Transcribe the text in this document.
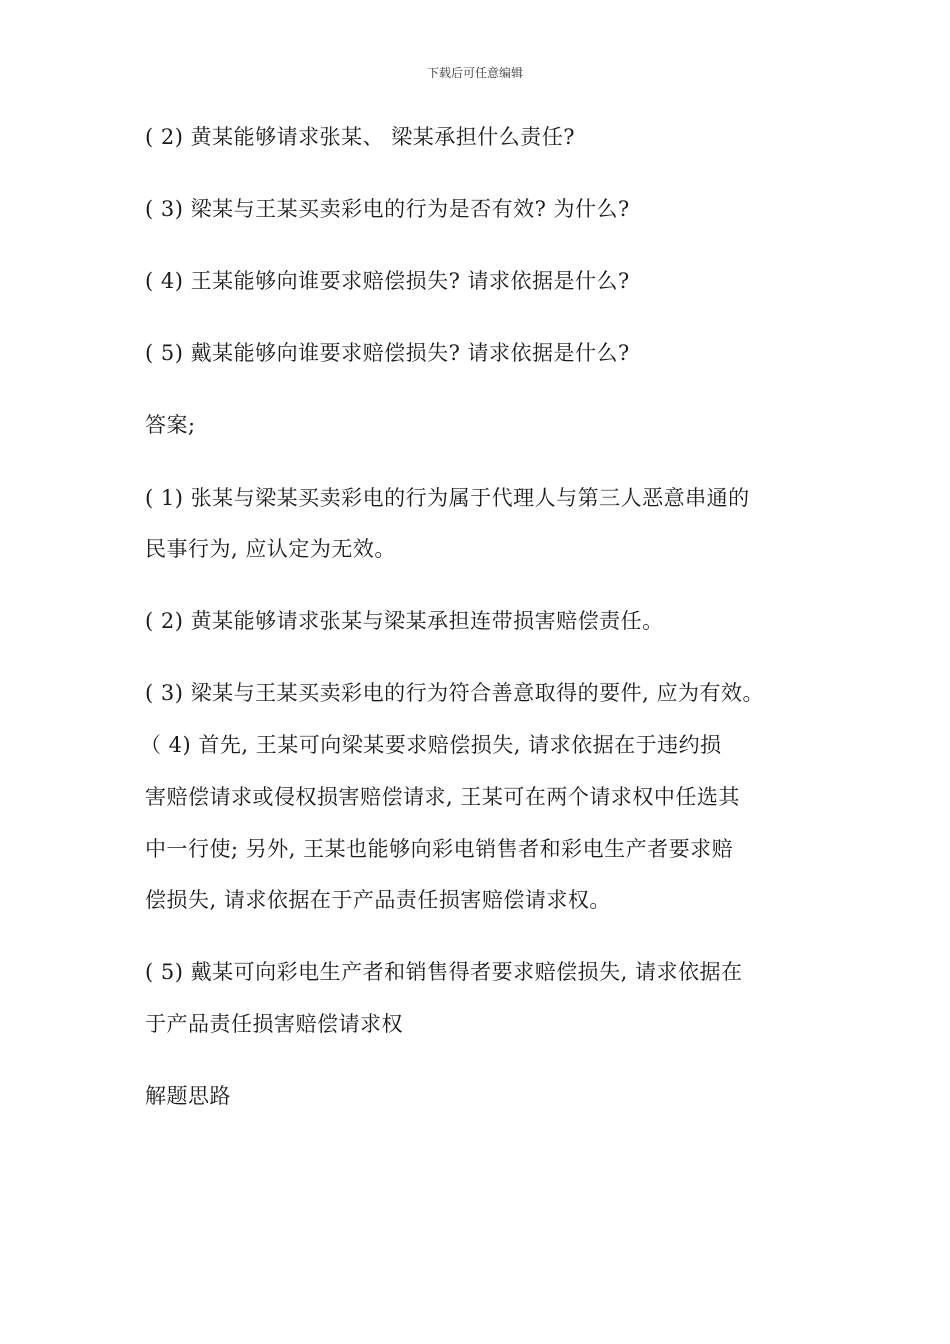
下载后可任意编辑
( 2) 黄某能够请求张某、 梁某承担什么责任?
( 3) 梁某与王某买卖彩电的行为是否有效? 为什么?
( 4) 王某能够向谁要求赔偿损失? 请求依据是什么?
( 5) 戴某能够向谁要求赔偿损失? 请求依据是什么?
答案;
( 1) 张某与梁某买卖彩电的行为属于代理人与第三人恶意串通的
民事行为, 应认定为无效。
( 2) 黄某能够请求张某与梁某承担连带损害赔偿责任。
( 3) 梁某与王某买卖彩电的行为符合善意取得的要件, 应为有效。
（ 4) 首先, 王某可向梁某要求赔偿损失, 请求依据在于违约损
害赔偿请求或侵权损害赔偿请求, 王某可在两个请求权中任选其
中一行使; 另外, 王某也能够向彩电销售者和彩电生产者要求赔
偿损失, 请求依据在于产品责任损害赔偿请求权。
( 5) 戴某可向彩电生产者和销售得者要求赔偿损失, 请求依据在
于产品责任损害赔偿请求权
解题思路
